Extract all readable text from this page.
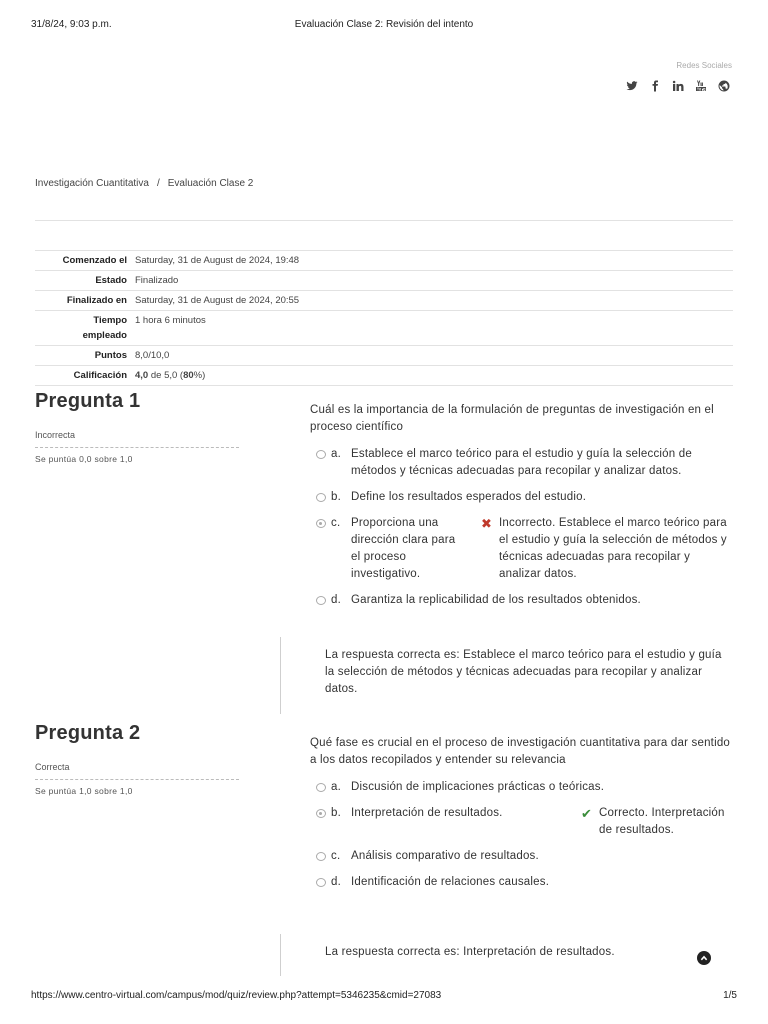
31/8/24, 9:03 p.m.	Evaluación Clase 2: Revisión del intento
Redes Sociales
Investigación Cuantitativa / Evaluación Clase 2
Comenzado el	Saturday, 31 de August de 2024, 19:48
Estado	Finalizado
Finalizado en	Saturday, 31 de August de 2024, 20:55
Tiempo empleado	1 hora 6 minutos
Puntos	8,0/10,0
Calificación	4,0 de 5,0 (80%)
Pregunta 1
Incorrecta
Se puntúa 0,0 sobre 1,0
Cuál es la importancia de la formulación de preguntas de investigación en el proceso científico
a. Establece el marco teórico para el estudio y guía la selección de métodos y técnicas adecuadas para recopilar y analizar datos.
b. Define los resultados esperados del estudio.
c. Proporciona una dirección clara para el proceso investigativo.
✖ Incorrecto. Establece el marco teórico para el estudio y guía la selección de métodos y técnicas adecuadas para recopilar y analizar datos.
d. Garantiza la replicabilidad de los resultados obtenidos.
La respuesta correcta es: Establece el marco teórico para el estudio y guía la selección de métodos y técnicas adecuadas para recopilar y analizar datos.
Pregunta 2
Correcta
Se puntúa 1,0 sobre 1,0
Qué fase es crucial en el proceso de investigación cuantitativa para dar sentido a los datos recopilados y entender su relevancia
a. Discusión de implicaciones prácticas o teóricas.
b. Interpretación de resultados.	✔ Correcto. Interpretación de resultados.
c. Análisis comparativo de resultados.
d. Identificación de relaciones causales.
La respuesta correcta es: Interpretación de resultados.
https://www.centro-virtual.com/campus/mod/quiz/review.php?attempt=5346235&cmid=27083	1/5
